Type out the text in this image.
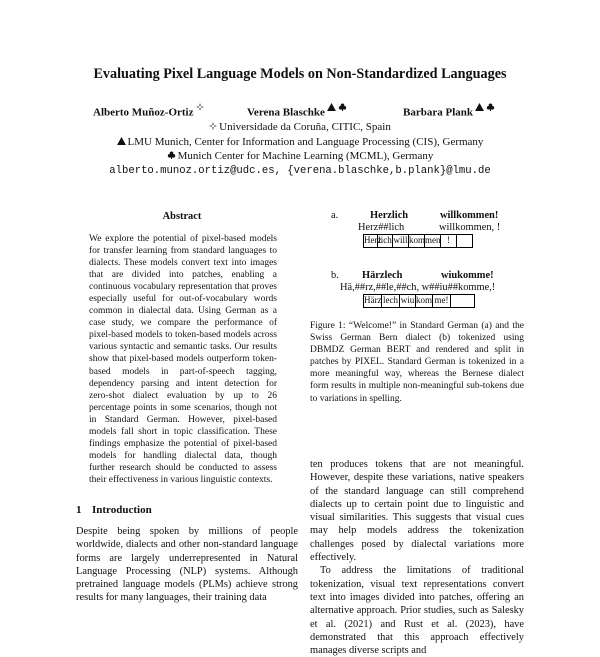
Evaluating Pixel Language Models on Non-Standardized Languages
Alberto Muñoz-Ortiz	Verena Blaschke	Barbara Plank
Universidade da Coruña, CITIC, Spain
LMU Munich, Center for Information and Language Processing (CIS), Germany
Munich Center for Machine Learning (MCML), Germany
alberto.munoz.ortiz@udc.es, {verena.blaschke,b.plank}@lmu.de
Abstract
We explore the potential of pixel-based models for transfer learning from standard languages to dialects. These models convert text into images that are divided into patches, enabling a continuous vocabulary representation that proves especially useful for out-of-vocabulary words common in dialectal data. Using German as a case study, we compare the performance of pixel-based models to token-based models across various syntactic and semantic tasks. Our results show that pixel-based models outperform token-based models in part-of-speech tagging, dependency parsing and intent detection for zero-shot dialect evaluation by up to 26 percentage points in some scenarios, though not in Standard German. However, pixel-based models fall short in topic classification. These findings emphasize the potential of pixel-based models for handling dialectal data, though further research should be conducted to assess their effectiveness in various linguistic contexts.
1 Introduction
Despite being spoken by millions of people worldwide, dialects and other non-standard language forms are largely underrepresented in Natural Language Processing (NLP) systems. Although pretrained language models (PLMs) achieve strong results for many languages, their training data
a.	Herzlich	willkommen!
Herz##lich	willkommen, !
Herz
lich will kom men !
b. Härzlech	wiukomme!
Hä,##rz,##le,##ch, w##iu##komme,!
Härz lech wiu kom me!
Figure 1: “Welcome!” in Standard German (a) and the Swiss German Bern dialect (b) tokenized using DBMDZ German BERT and rendered and split in patches by PIXEL. Standard German is tokenized in a more meaningful way, whereas the Bernese dialect form results in multiple non-meaningful sub-tokens due to variations in spelling.

ten produces tokens that are not meaningful. However, despite these variations, native speakers of the standard language can still comprehend dialects up to certain point due to linguistic and visual similarities. This suggests that visual cues may help models address the tokenization challenges posed by dialectal variations more effectively.

To address the limitations of traditional tokenization, visual text representations convert text into images divided into patches, offering an alternative approach. Prior studies, such as Salesky et al. (2021) and Rust et al. (2023), have demonstrated that this approach effectively manages diverse scripts and
